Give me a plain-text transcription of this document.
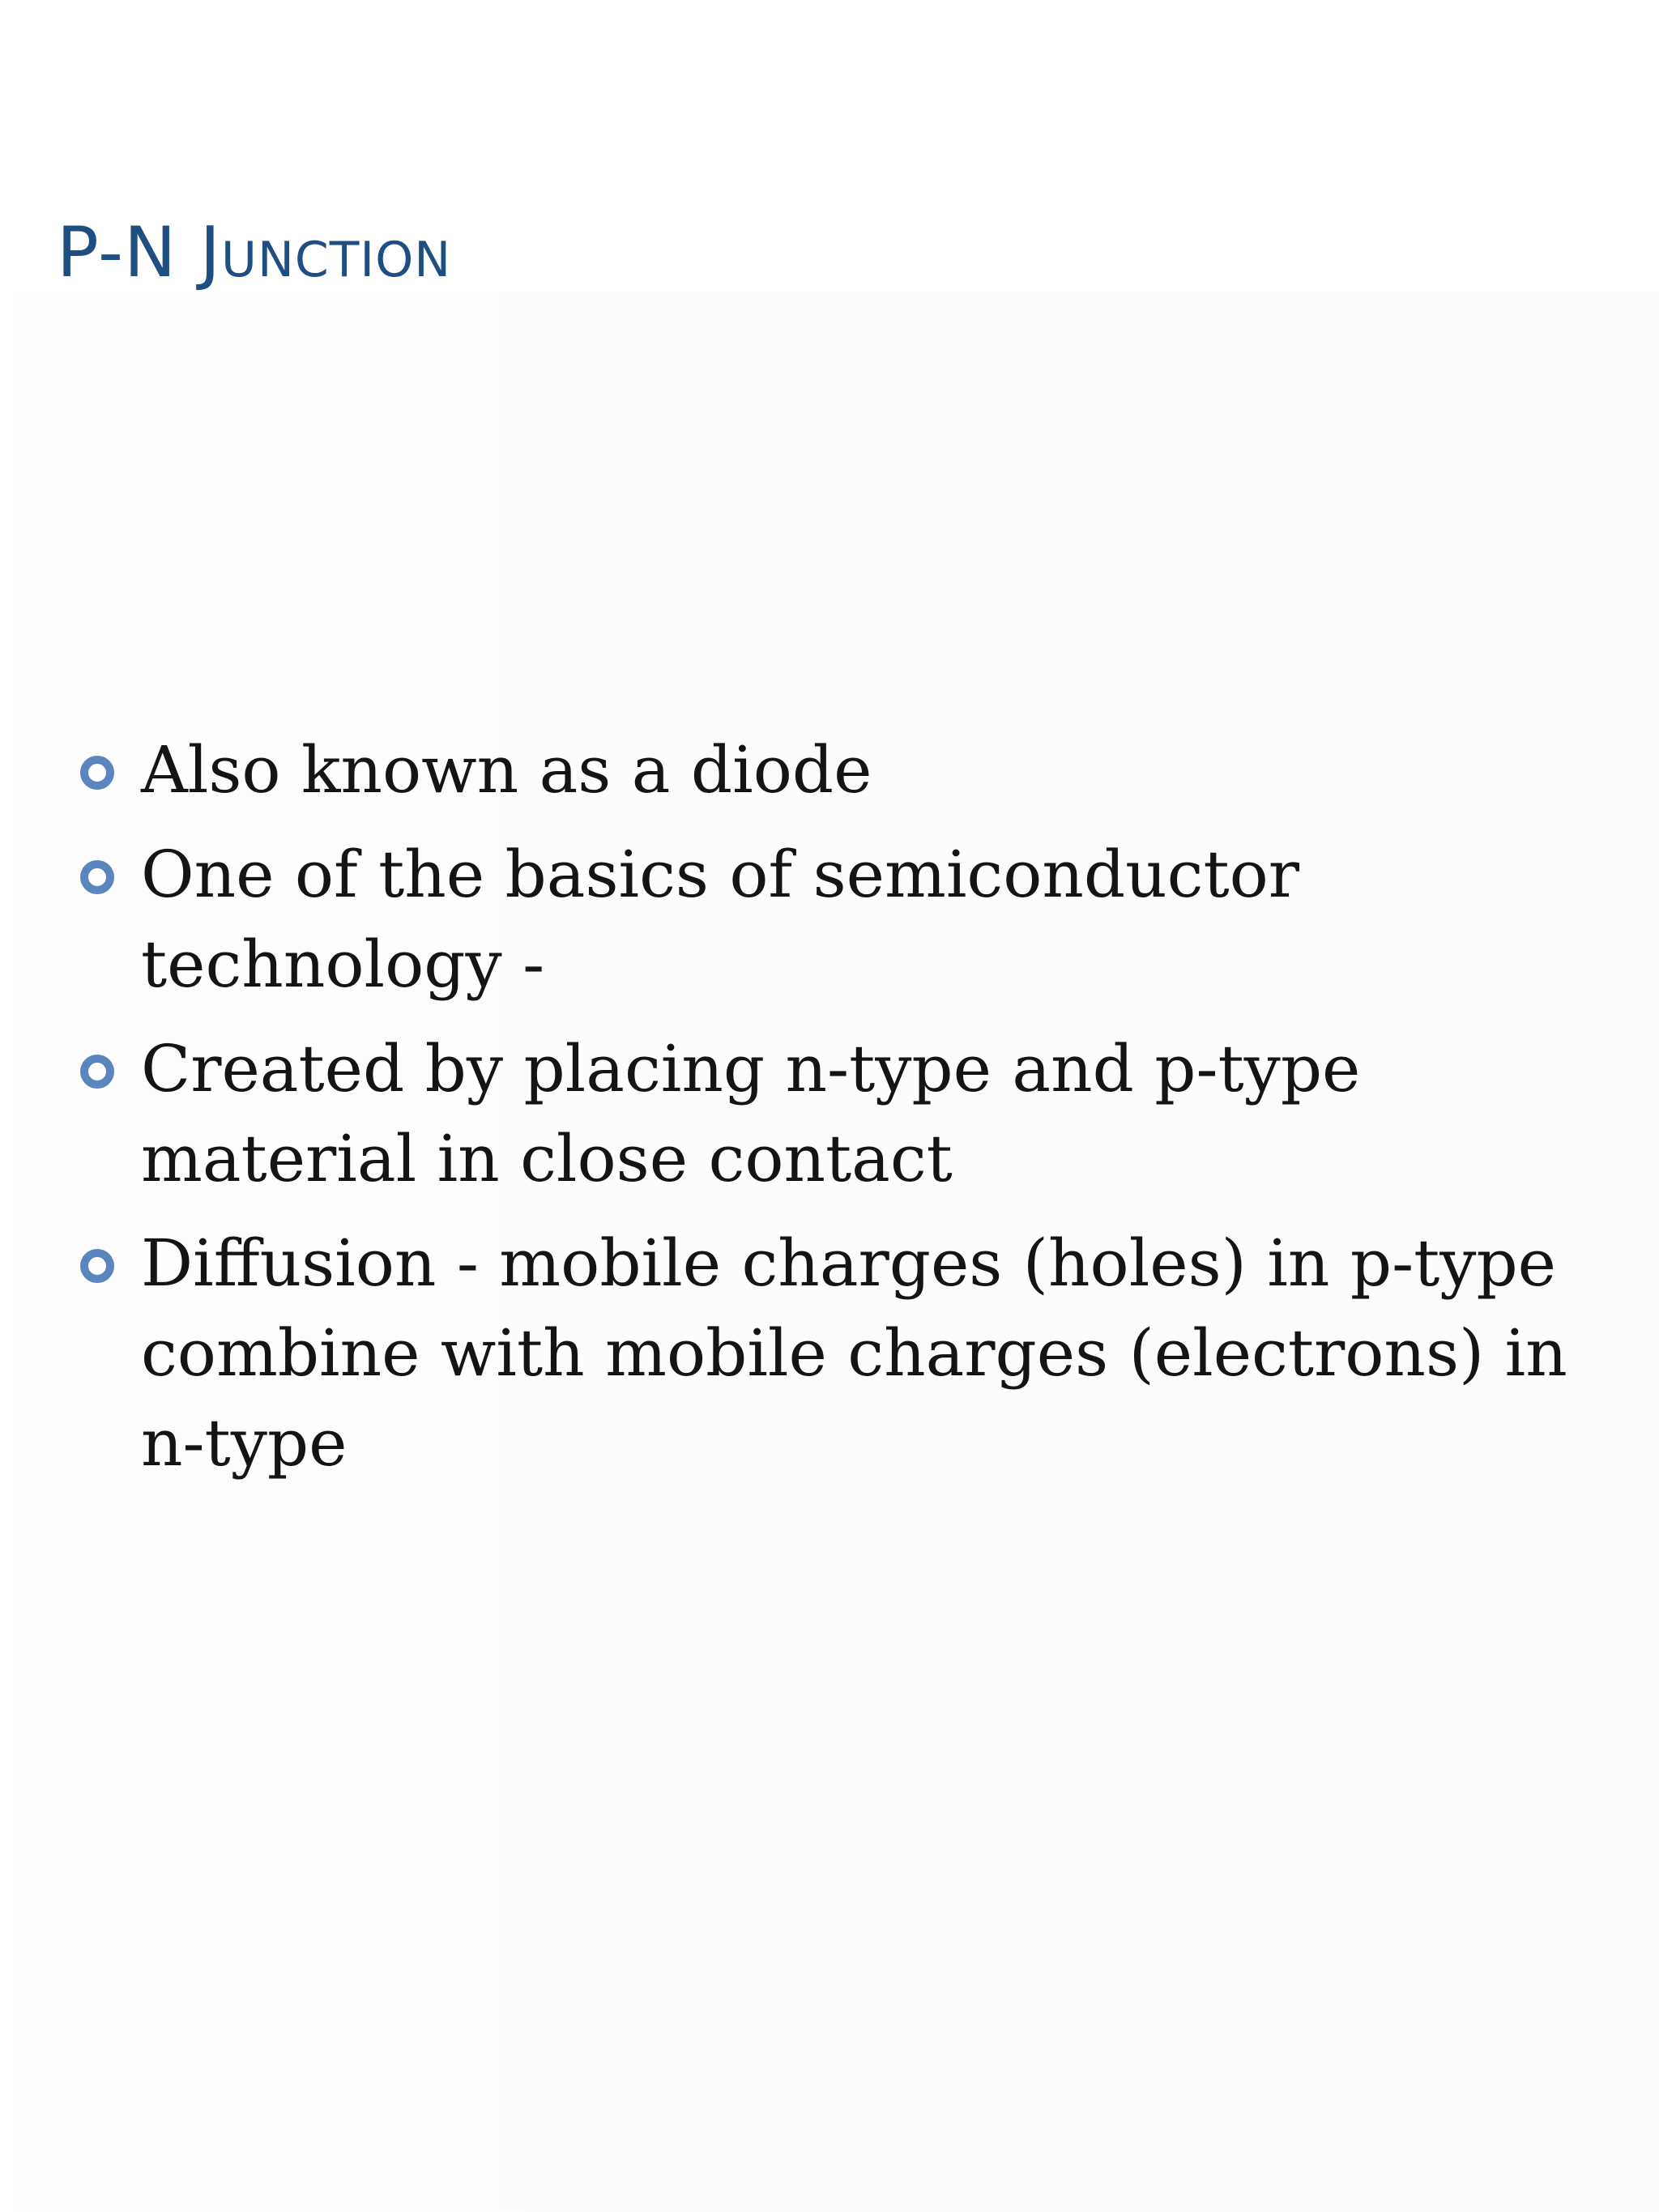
P-N Junction
Also known as a diode
One of the basics of semiconductor technology -
Created by placing n-type and p-type material in close contact
Diffusion - mobile charges (holes) in p-type combine with mobile charges (electrons) in n-type
